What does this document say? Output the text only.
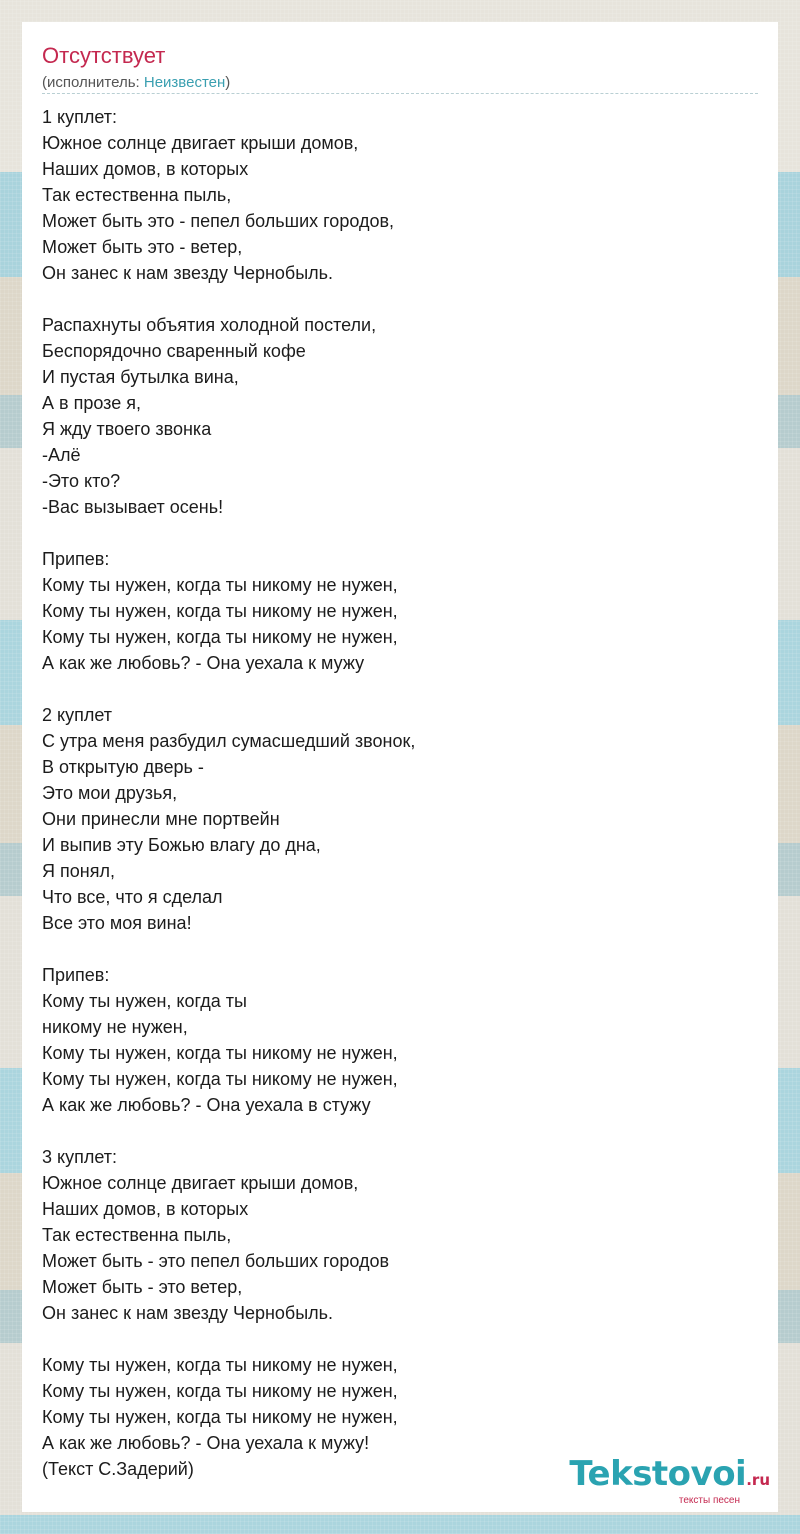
Отсутствует
(исполнитель: Неизвестен)
1 куплет:
Южное солнце двигает крыши домов,
Наших домов, в которых
Так естественна пыль,
Может быть это - пепел больших городов,
Может быть это - ветер,
Он занес к нам звезду Чернобыль.
Распахнуты объятия холодной постели,
Беспорядочно сваренный кофе
И пустая бутылка вина,
А в прозе я,
Я жду твоего звонка
-Алё
-Это кто?
-Вас вызывает осень!
Припев:
Кому ты нужен, когда ты никому не нужен,
Кому ты нужен, когда ты никому не нужен,
Кому ты нужен, когда ты никому не нужен,
А как же любовь? - Она уехала к мужу
2 куплет
С утра меня разбудил сумасшедший звонок,
В открытую дверь -
Это мои друзья,
Они принесли мне портвейн
И выпив эту Божью влагу до дна,
Я понял,
Что все, что я сделал
Все это моя вина!
Припев:
Кому ты нужен, когда ты
никому не нужен,
Кому ты нужен, когда ты никому не нужен,
Кому ты нужен, когда ты никому не нужен,
А как же любовь? - Она уехала в стужу
3 куплет:
Южное солнце двигает крыши домов,
Наших домов, в которых
Так естественна пыль,
Может быть - это пепел больших городов
Может быть - это ветер,
Он занес к нам звезду Чернобыль.
Кому ты нужен, когда ты никому не нужен,
Кому ты нужен, когда ты никому не нужен,
Кому ты нужен, когда ты никому не нужен,
А как же любовь? - Она уехала к мужу!
(Текст С.Задерий)	Tekstovoi.ru
тексты песен
